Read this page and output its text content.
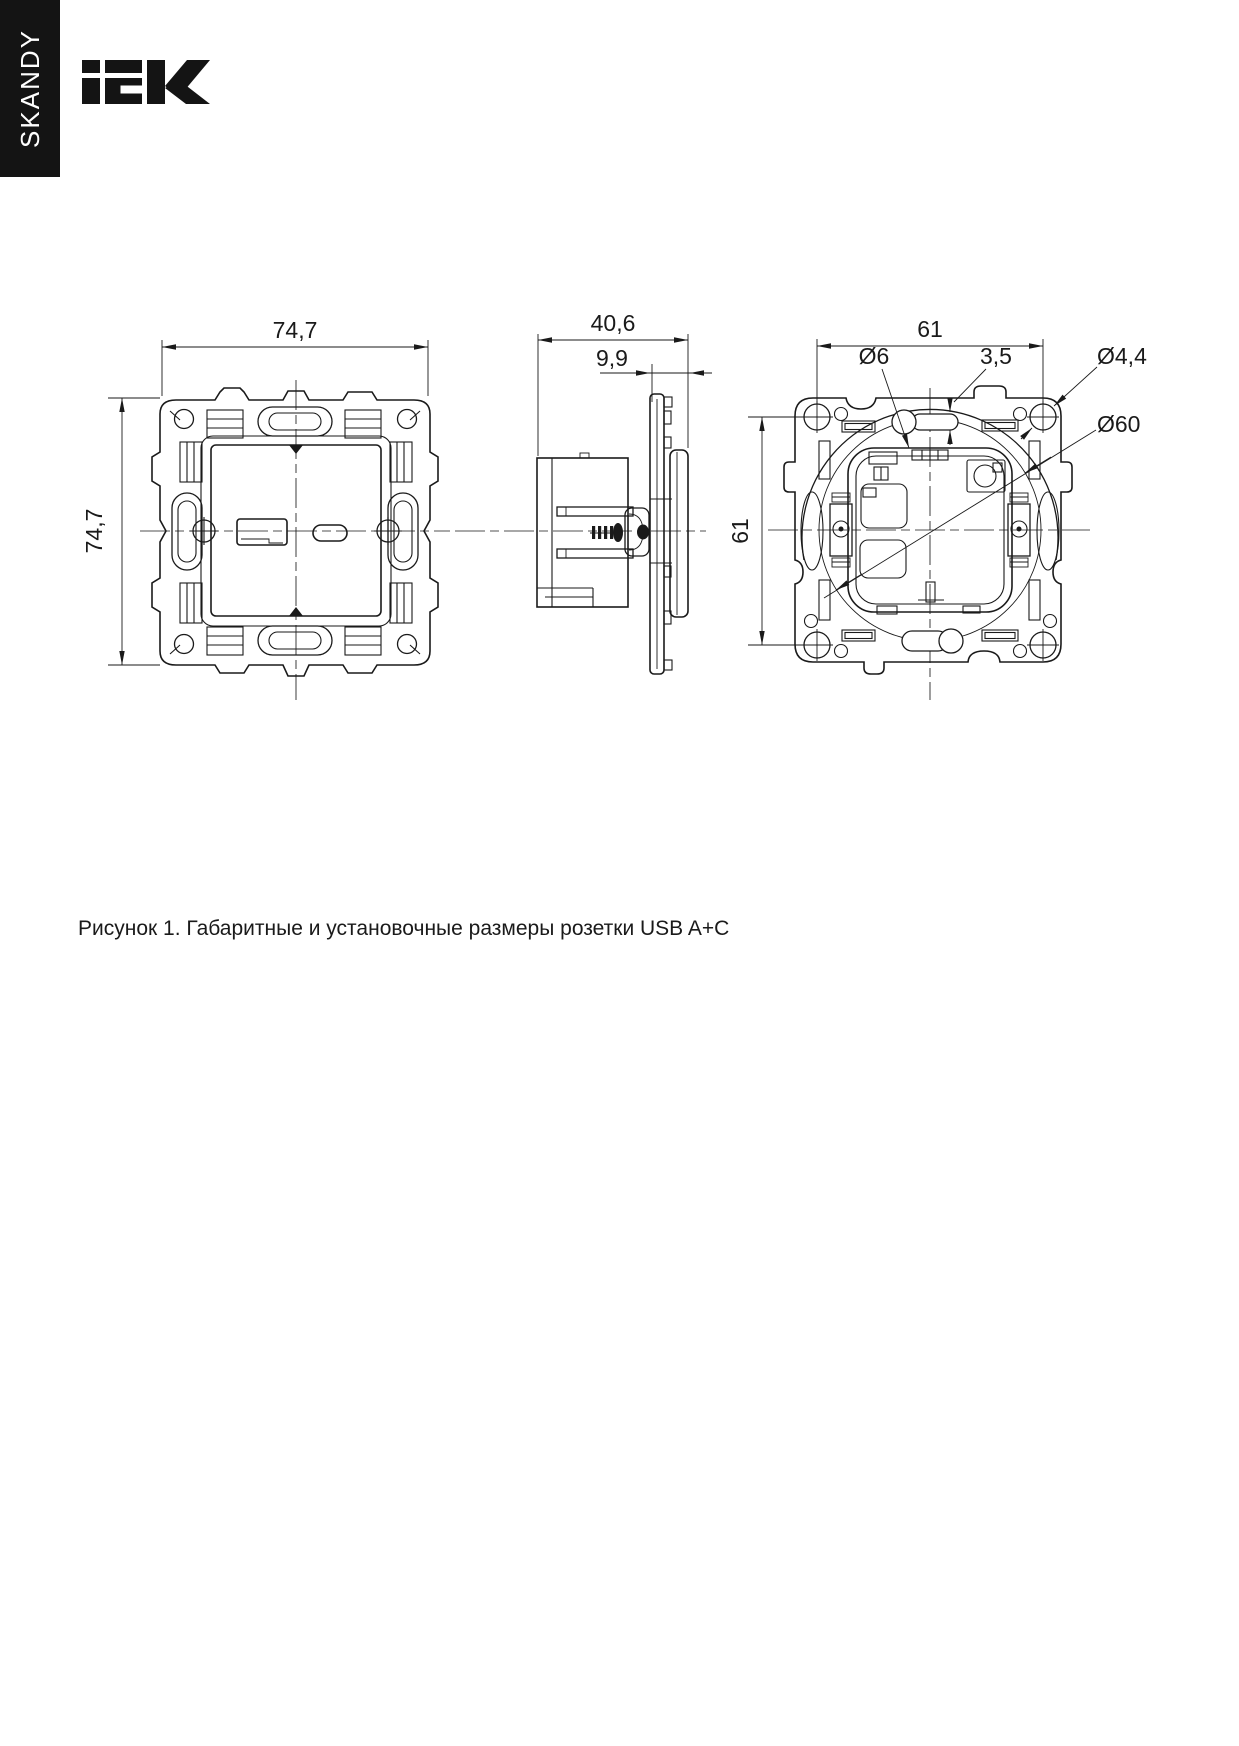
SKANDY
74,7
74,7
40,6
9,9
61
61
Ø6	3,5	Ø4,4
Ø60
Рисунок 1. Габаритные и установочные размеры розетки USB A+C
